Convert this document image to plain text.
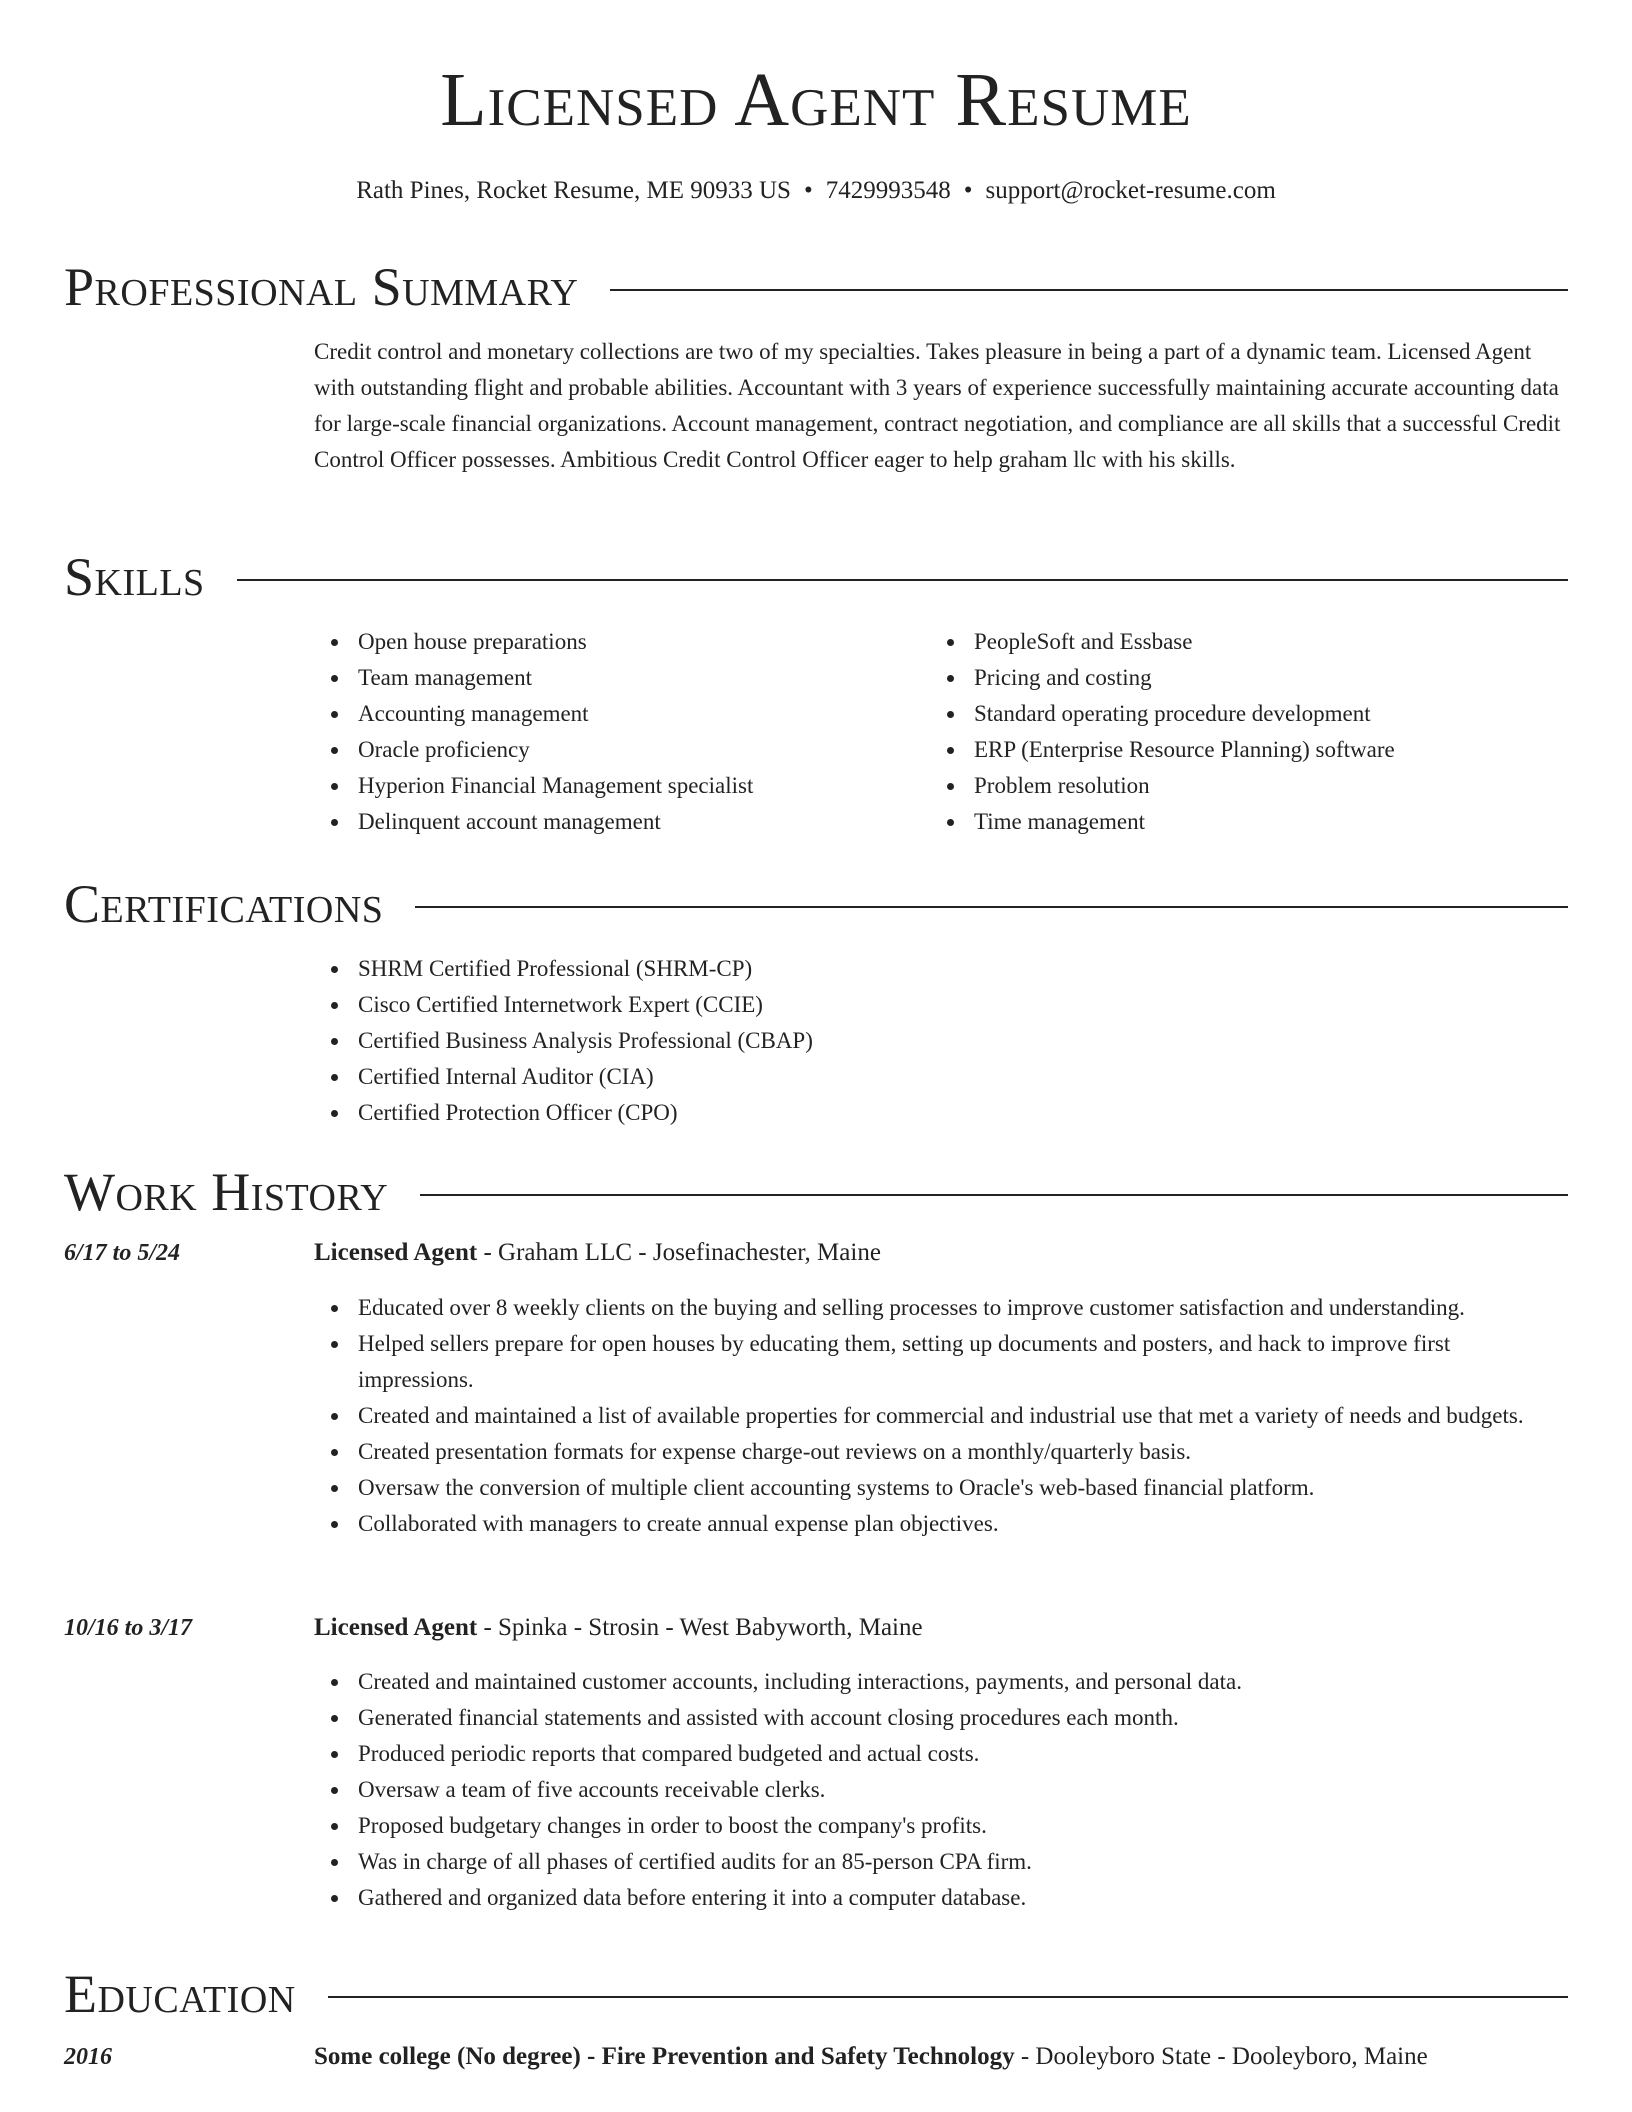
Licensed Agent Resume
Rath Pines, Rocket Resume, ME 90933 US • 7429993548 • support@rocket-resume.com
Professional Summary
Credit control and monetary collections are two of my specialties. Takes pleasure in being a part of a dynamic team. Licensed Agent with outstanding flight and probable abilities. Accountant with 3 years of experience successfully maintaining accurate accounting data for large-scale financial organizations. Account management, contract negotiation, and compliance are all skills that a successful Credit Control Officer possesses. Ambitious Credit Control Officer eager to help graham llc with his skills.
Skills
Open house preparations
Team management
Accounting management
Oracle proficiency
Hyperion Financial Management specialist
Delinquent account management
PeopleSoft and Essbase
Pricing and costing
Standard operating procedure development
ERP (Enterprise Resource Planning) software
Problem resolution
Time management
Certifications
SHRM Certified Professional (SHRM-CP)
Cisco Certified Internetwork Expert (CCIE)
Certified Business Analysis Professional (CBAP)
Certified Internal Auditor (CIA)
Certified Protection Officer (CPO)
Work History
6/17 to 5/24	Licensed Agent - Graham LLC - Josefinachester, Maine
Educated over 8 weekly clients on the buying and selling processes to improve customer satisfaction and understanding.
Helped sellers prepare for open houses by educating them, setting up documents and posters, and hack to improve first impressions.
Created and maintained a list of available properties for commercial and industrial use that met a variety of needs and budgets.
Created presentation formats for expense charge-out reviews on a monthly/quarterly basis.
Oversaw the conversion of multiple client accounting systems to Oracle's web-based financial platform.
Collaborated with managers to create annual expense plan objectives.
10/16 to 3/17	Licensed Agent - Spinka - Strosin - West Babyworth, Maine
Created and maintained customer accounts, including interactions, payments, and personal data.
Generated financial statements and assisted with account closing procedures each month.
Produced periodic reports that compared budgeted and actual costs.
Oversaw a team of five accounts receivable clerks.
Proposed budgetary changes in order to boost the company's profits.
Was in charge of all phases of certified audits for an 85-person CPA firm.
Gathered and organized data before entering it into a computer database.
Education
2016	Some college (No degree) - Fire Prevention and Safety Technology - Dooleyboro State - Dooleyboro, Maine
